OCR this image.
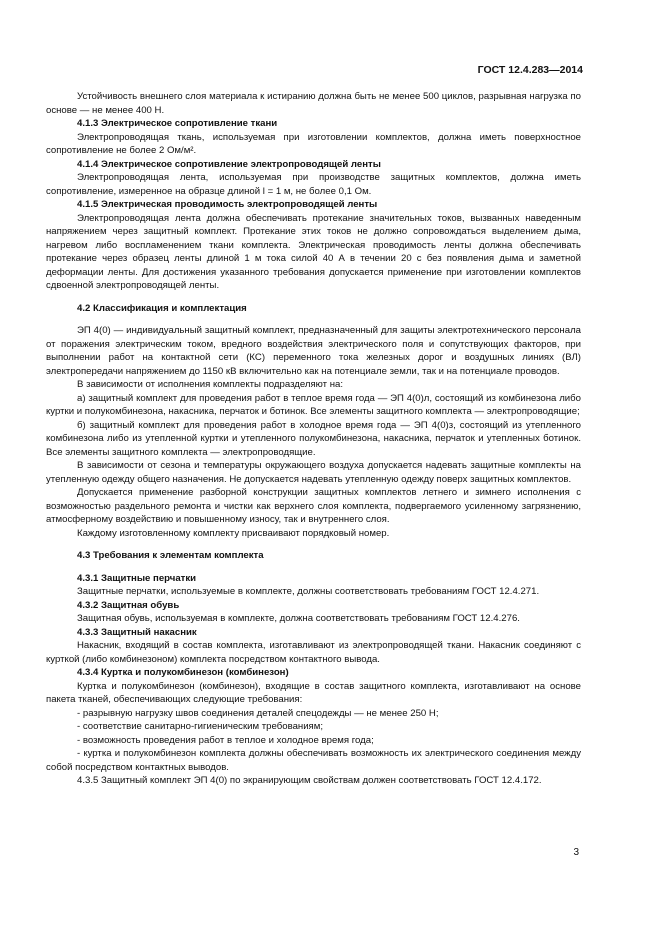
ГОСТ 12.4.283—2014

Устойчивость внешнего слоя материала к истиранию должна быть не менее 500 циклов, разрывная нагрузка по основе — не менее 400 Н.

4.1.3 Электрическое сопротивление ткани

Электропроводящая ткань, используемая при изготовлении комплектов, должна иметь поверхностное сопротивление не более 2 Ом/м².

4.1.4 Электрическое сопротивление электропроводящей ленты

Электропроводящая лента, используемая при производстве защитных комплектов, должна иметь сопротивление, измеренное на образце длиной l = 1 м, не более 0,1 Ом.

4.1.5 Электрическая проводимость электропроводящей ленты

Электропроводящая лента должна обеспечивать протекание значительных токов, вызванных наведенным напряжением через защитный комплект. Протекание этих токов не должно сопровождаться выделением дыма, нагревом либо воспламенением ткани комплекта. Электрическая проводимость ленты должна обеспечивать протекание через образец ленты длиной 1 м тока силой 40 А в течении 20 с без появления дыма и заметной деформации ленты. Для достижения указанного требования допускается применение при изготовлении комплектов сдвоенной электропроводящей ленты.

4.2 Классификация и комплектация

ЭП 4(0) — индивидуальный защитный комплект, предназначенный для защиты электротехнического персонала от поражения электрическим током, вредного воздействия электрического поля и сопутствующих факторов, при выполнении работ на контактной сети (КС) переменного тока железных дорог и воздушных линиях (ВЛ) электропередачи напряжением до 1150 кВ включительно как на потенциале земли, так и на потенциале проводов.

В зависимости от исполнения комплекты подразделяют на:

а) защитный комплект для проведения работ в теплое время года — ЭП 4(0)л, состоящий из комбинезона либо куртки и полукомбинезона, накасника, перчаток и ботинок. Все элементы защитного комплекта — электропроводящие;

б) защитный комплект для проведения работ в холодное время года — ЭП 4(0)з, состоящий из утепленного комбинезона либо из утепленной куртки и утепленного полукомбинезона, накасника, перчаток и утепленных ботинок. Все элементы защитного комплекта — электропроводящие.

В зависимости от сезона и температуры окружающего воздуха допускается надевать защитные комплекты на утепленную одежду общего назначения. Не допускается надевать утепленную одежду поверх защитных комплектов.

Допускается применение разборной конструкции защитных комплектов летнего и зимнего исполнения с возможностью раздельного ремонта и чистки как верхнего слоя комплекта, подвергаемого усиленному загрязнению, атмосферному воздействию и повышенному износу, так и внутреннего слоя.

Каждому изготовленному комплекту присваивают порядковый номер.

4.3 Требования к элементам комплекта

4.3.1 Защитные перчатки

Защитные перчатки, используемые в комплекте, должны соответствовать требованиям ГОСТ 12.4.271.

4.3.2 Защитная обувь

Защитная обувь, используемая в комплекте, должна соответствовать требованиям ГОСТ 12.4.276.

4.3.3 Защитный накасник

Накасник, входящий в состав комплекта, изготавливают из электропроводящей ткани. Накасник соединяют с курткой (либо комбинезоном) комплекта посредством контактного вывода.

4.3.4 Куртка и полукомбинезон (комбинезон)

Куртка и полукомбинезон (комбинезон), входящие в состав защитного комплекта, изготавливают на основе пакета тканей, обеспечивающих следующие требования:

- разрывную нагрузку швов соединения деталей спецодежды — не менее 250 Н;

- соответствие санитарно-гигиеническим требованиям;

- возможность проведения работ в теплое и холодное время года;

- куртка и полукомбинезон комплекта должны обеспечивать возможность их электрического соединения между собой посредством контактных выводов.

4.3.5 Защитный комплект ЭП 4(0) по экранирующим свойствам должен соответствовать ГОСТ 12.4.172.

3
